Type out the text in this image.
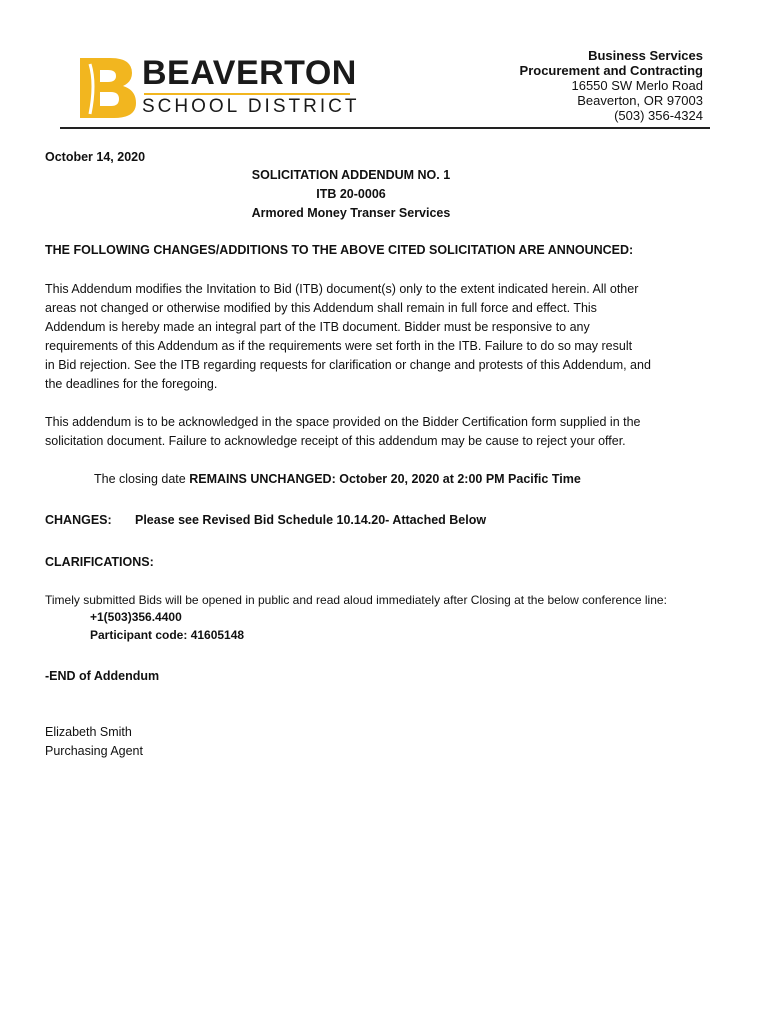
BEAVERTON
SCHOOL DISTRICT
Business Services
Procurement and Contracting
16550 SW Merlo Road
Beaverton, OR 97003
(503) 356-4324
October 14, 2020
SOLICITATION ADDENDUM NO. 1
ITB 20-0006
Armored Money Transer Services
THE FOLLOWING CHANGES/ADDITIONS TO THE ABOVE CITED SOLICITATION ARE ANNOUNCED:
This Addendum modifies the Invitation to Bid (ITB) document(s) only to the extent indicated herein. All other
areas not changed or otherwise modified by this Addendum shall remain in full force and effect. This
Addendum is hereby made an integral part of the ITB document. Bidder must be responsive to any
requirements of this Addendum as if the requirements were set forth in the ITB. Failure to do so may result
in Bid rejection. See the ITB regarding requests for clarification or change and protests of this Addendum, and
the deadlines for the foregoing.
This addendum is to be acknowledged in the space provided on the Bidder Certification form supplied in the
solicitation document. Failure to acknowledge receipt of this addendum may be cause to reject your offer.
The closing date REMAINS UNCHANGED: October 20, 2020 at 2:00 PM Pacific Time
CHANGES: Please see Revised Bid Schedule 10.14.20- Attached Below
CLARIFICATIONS:
Timely submitted Bids will be opened in public and read aloud immediately after Closing at the below conference line:
+1(503)356.4400
Participant code: 41605148
-END of Addendum
Elizabeth Smith
Purchasing Agent
